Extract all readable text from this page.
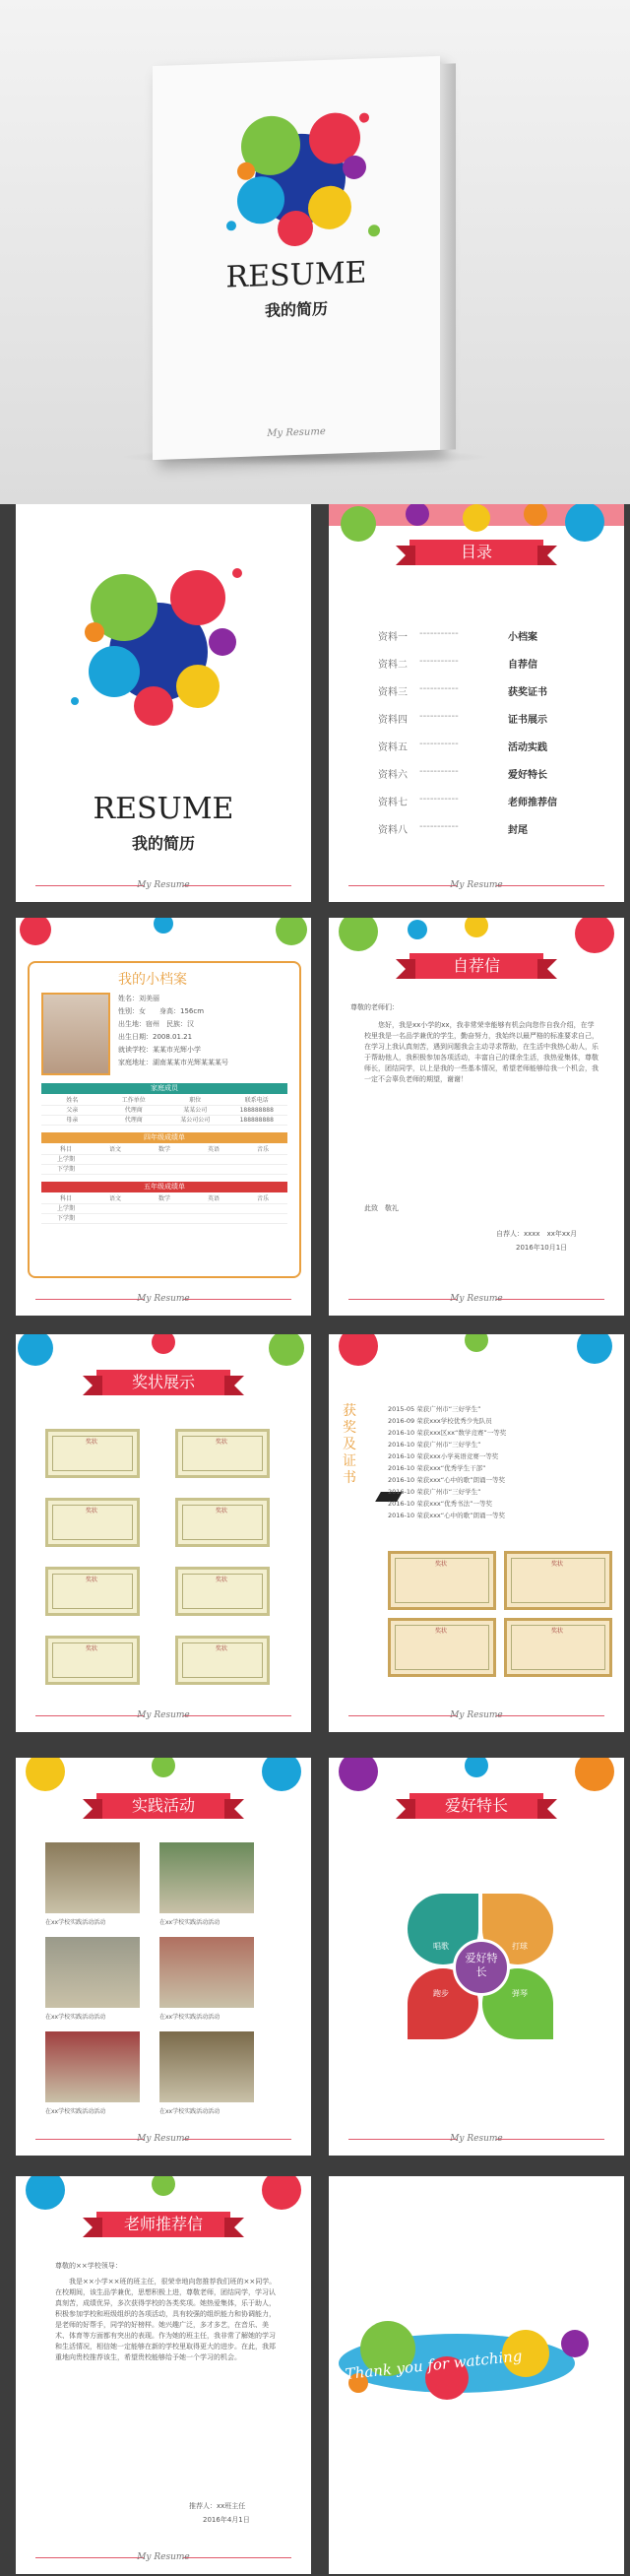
RESUME
我的简历
My Resume
RESUME
我的简历
My Resume
目录
资料一 -----------	小档案
资料二 -----------	自荐信
资料三 -----------	获奖证书
资料四 -----------	证书展示
资料五 -----------	活动实践
资料六 -----------	爱好特长
资料七 -----------	老师推荐信
资料八 -----------	封尾
My Resume
我的小档案
姓名：刘美丽
性别：女　　身高：156cm
出生地：宿州　民族：汉
出生日期：2008.01.21
就读学校：某某市光辉小学
家庭地址：湖南某某市光辉某某某号
家庭成员
姓名	工作单位	职位	联系电话
父亲	代理商	某某公司	188888888
母亲	代理商	某公司公司	188888888
四年级成绩单
科目	语文	数学	英语	音乐
上学期
下学期
五年级成绩单
科目	语文	数学	英语	音乐
上学期
下学期
My Resume
自荐信
尊敬的老师们：
您好，我是xx小学的xx，我非常荣幸能够有机会向您作自我介绍，在学校里我是一名品学兼优的学生，勤奋努力，我始终以最严格的标准要求自己，在学习上我认真刻苦，遇到问题我会主动寻求帮助，在生活中我热心助人，乐于帮助他人，我积极参加各项活动，丰富自己的课余生活，我热爱集体，尊敬师长，团结同学，以上是我的一些基本情况，希望老师能够给我一个机会，我一定不会辜负老师的期望，谢谢！
此致　敬礼
自荐人：xxxx　xx年xx月
2016年10月1日
My Resume
奖状展示
奖状	奖状
奖状	奖状
奖状	奖状
奖状	奖状
My Resume
获奖及证书
2015-05 荣获广州市“三好学生”
2016-09 荣获xxx学校优秀少先队员
2016-10 荣获xxx区xx“数学竞赛”一等奖
2016-10 荣获广州市“三好学生”
2016-10 荣获xxx小学英语竞赛一等奖
2016-10 荣获xxx“优秀学生干部”
2016-10 荣获xxx“心中的歌”朗诵一等奖
2016-10 荣获广州市“三好学生”
2016-10 荣获xxx“优秀书法”一等奖
2016-10 荣获xxx“心中的歌”朗诵一等奖
奖状	奖状
奖状	奖状
My Resume
实践活动
在xx学校实践活动活动	在xx学校实践活动活动
在xx学校实践活动活动	在xx学校实践活动活动
在xx学校实践活动活动	在xx学校实践活动活动
My Resume
爱好特长
唱歌	打球
跑步	弹琴
爱好特长
My Resume
老师推荐信
尊敬的××学校领导：
我是××小学××班的班主任，很荣幸地向您推荐我们班的××同学。在校期间，该生品学兼优，思想积极上进，尊敬老师，团结同学，学习认真刻苦，成绩优异，多次获得学校的各类奖项。她热爱集体，乐于助人，积极参加学校和班级组织的各项活动，具有较强的组织能力和协调能力，是老师的好帮手，同学的好榜样。她兴趣广泛，多才多艺，在音乐、美术、体育等方面都有突出的表现。作为她的班主任，我非常了解她的学习和生活情况，相信她一定能够在新的学校里取得更大的进步。在此，我郑重地向贵校推荐该生，希望贵校能够给予她一个学习的机会。
推荐人：xx班主任
2016年4月1日
My Resume
Thank you for watching
